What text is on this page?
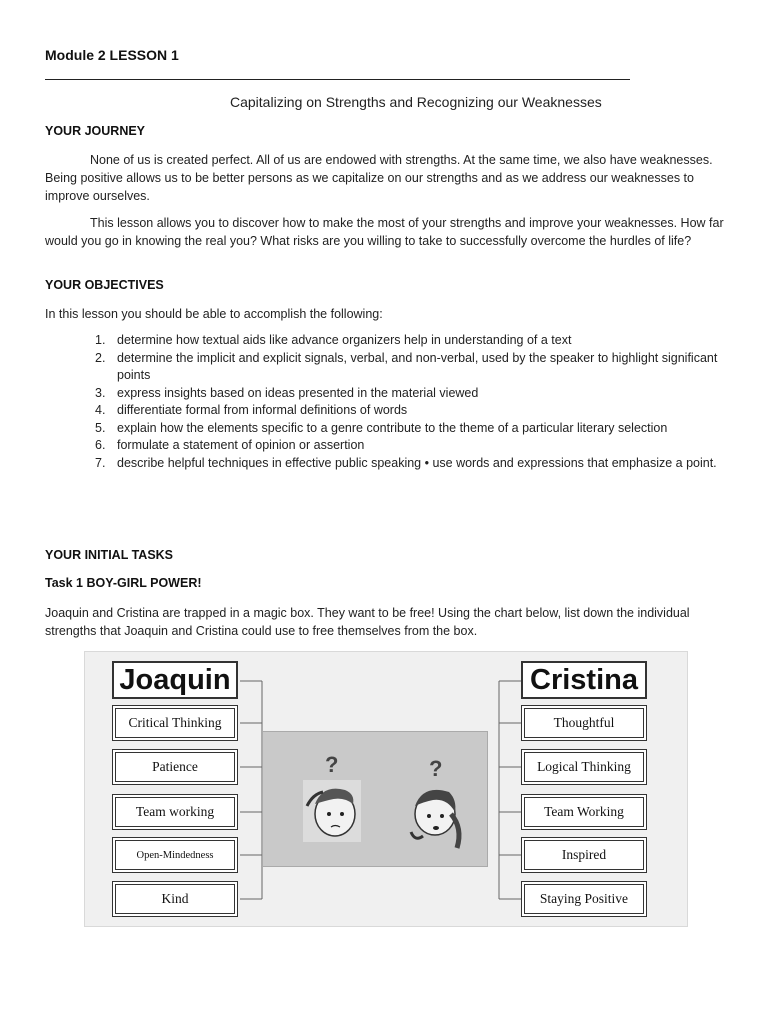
Module 2 LESSON 1
Capitalizing on Strengths and Recognizing our Weaknesses
YOUR JOURNEY

None of us is created perfect. All of us are endowed with strengths. At the same time, we also have weaknesses. Being positive allows us to be better persons as we capitalize on our strengths and as we address our weaknesses to improve ourselves.

This lesson allows you to discover how to make the most of your strengths and improve your weaknesses. How far would you go in knowing the real you? What risks are you willing to take to successfully overcome the hurdles of life?

YOUR OBJECTIVES

In this lesson you should be able to accomplish the following:

1. determine how textual aids like advance organizers help in understanding of a text
2. determine the implicit and explicit signals, verbal, and non-verbal, used by the speaker to highlight significant points
3. express insights based on ideas presented in the material viewed
4. differentiate formal from informal definitions of words
5. explain how the elements specific to a genre contribute to the theme of a particular literary selection
6. formulate a statement of opinion or assertion
7. describe helpful techniques in effective public speaking • use words and expressions that emphasize a point.
YOUR INITIAL TASKS
Task 1 BOY-GIRL POWER!

Joaquin and Cristina are trapped in a magic box. They want to be free! Using the chart below, list down the individual strengths that Joaquin and Cristina could use to free themselves from the box.

Joaquin	Cristina
Critical Thinking
Patience
Team working
Open-Mindedness
Kind
Thoughtful
Logical Thinking
Team Working
Inspired
Staying Positive
?	?
